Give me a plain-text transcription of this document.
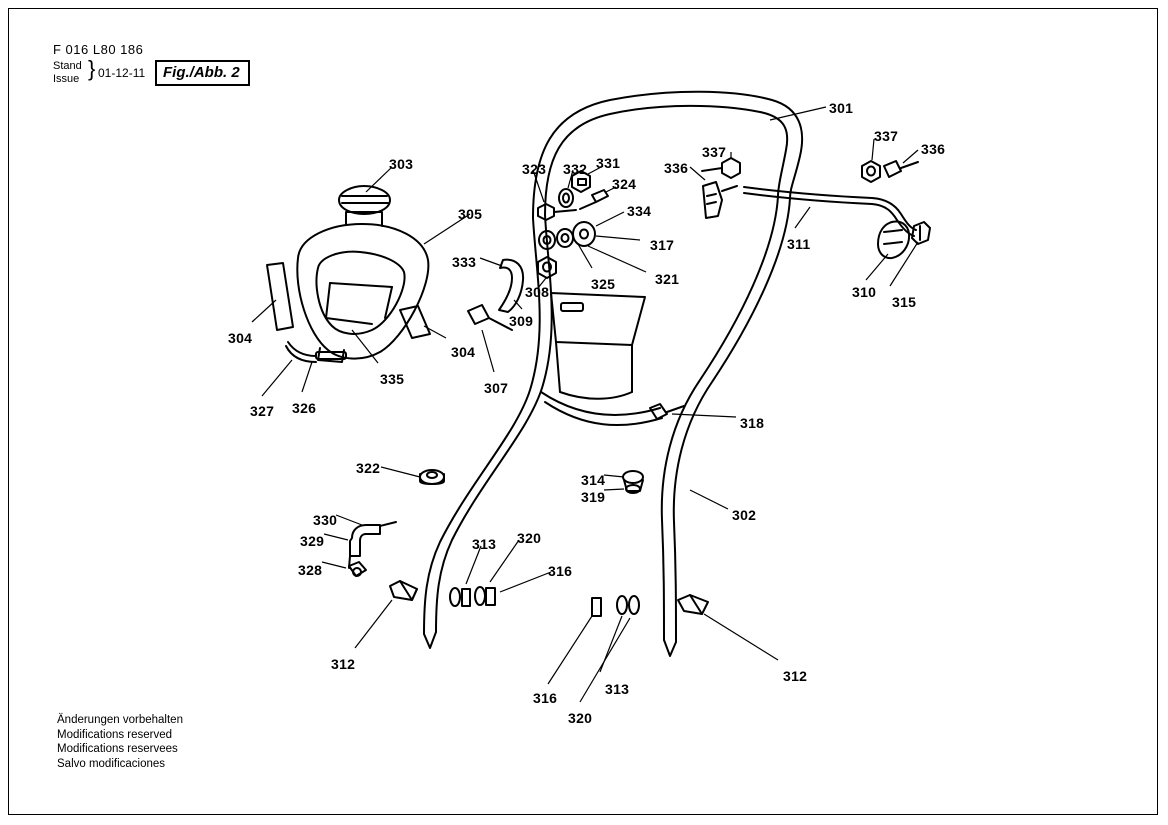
F 016 L80 186
Stand
Issue } 01-12-11	Fig./Abb. 2
Änderungen vorbehalten
Modifications reserved
Modifications reservees
Salvo modificaciones
301
337
337
336
336
303	323 332 331
324
305	334
317
333
321
325
311
310
315
308
309
304
304
335
307
327 326
318
322
314
319
302
330
329
328
313 320
316
312
316
313
320
312
